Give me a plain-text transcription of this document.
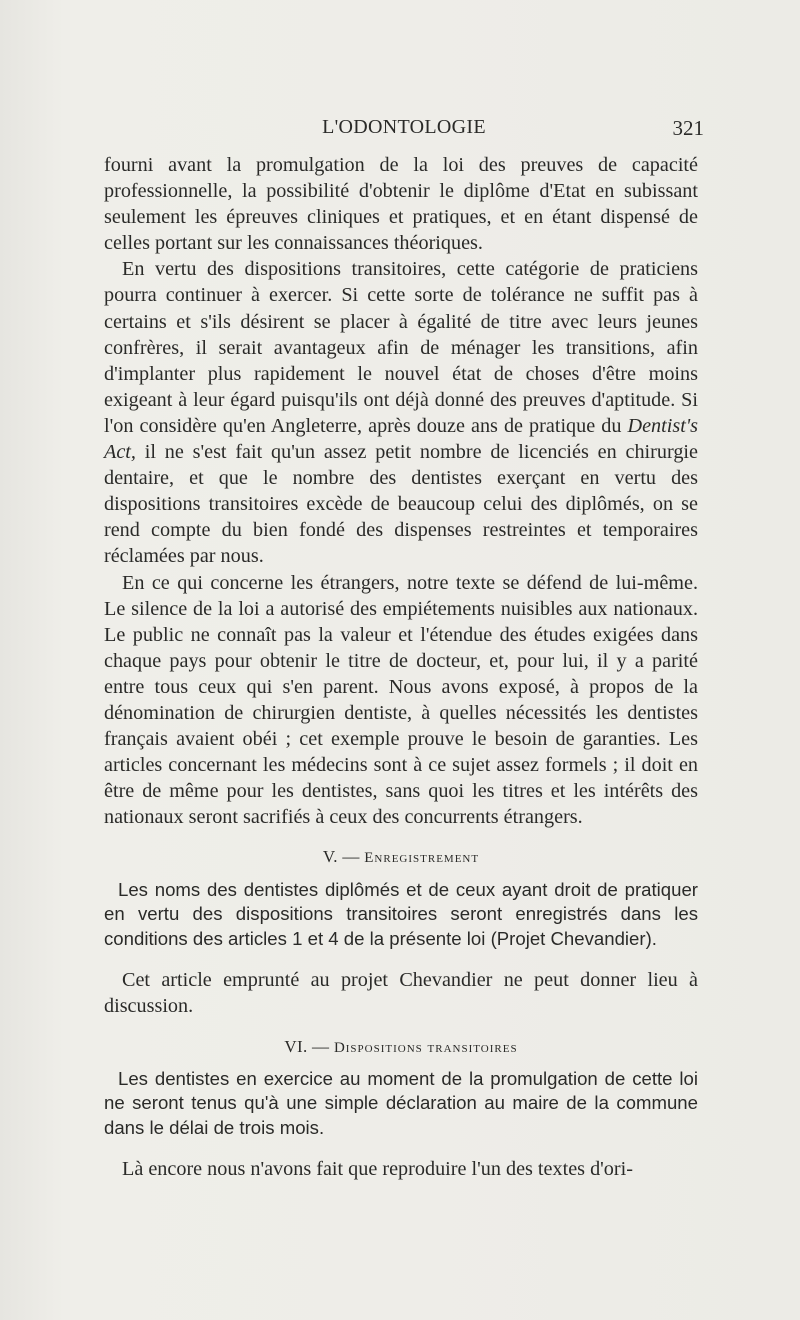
L'ODONTOLOGIE	321

fourni avant la promulgation de la loi des preuves de capacité professionnelle, la possibilité d'obtenir le diplôme d'Etat en subissant seulement les épreuves cliniques et pratiques, et en étant dispensé de celles portant sur les connaissances théoriques.

En vertu des dispositions transitoires, cette catégorie de praticiens pourra continuer à exercer. Si cette sorte de tolérance ne suffit pas à certains et s'ils désirent se placer à égalité de titre avec leurs jeunes confrères, il serait avantageux afin de ménager les transitions, afin d'implanter plus rapidement le nouvel état de choses d'être moins exigeant à leur égard puisqu'ils ont déjà donné des preuves d'aptitude. Si l'on considère qu'en Angleterre, après douze ans de pratique du Dentist's Act, il ne s'est fait qu'un assez petit nombre de licenciés en chirurgie dentaire, et que le nombre des dentistes exerçant en vertu des dispositions transitoires excède de beaucoup celui des diplômés, on se rend compte du bien fondé des dispenses restreintes et temporaires réclamées par nous.

En ce qui concerne les étrangers, notre texte se défend de lui-même. Le silence de la loi a autorisé des empiétements nuisibles aux nationaux. Le public ne connaît pas la valeur et l'étendue des études exigées dans chaque pays pour obtenir le titre de docteur, et, pour lui, il y a parité entre tous ceux qui s'en parent. Nous avons exposé, à propos de la dénomination de chirurgien dentiste, à quelles nécessités les dentistes français avaient obéi ; cet exemple prouve le besoin de garanties. Les articles concernant les médecins sont à ce sujet assez formels ; il doit en être de même pour les dentistes, sans quoi les titres et les intérêts des nationaux seront sacrifiés à ceux des concurrents étrangers.

V. — Enregistrement

Les noms des dentistes diplômés et de ceux ayant droit de pratiquer en vertu des dispositions transitoires seront enregistrés dans les conditions des articles 1 et 4 de la présente loi (Projet Chevandier).

Cet article emprunté au projet Chevandier ne peut donner lieu à discussion.

VI. — Dispositions transitoires

Les dentistes en exercice au moment de la promulgation de cette loi ne seront tenus qu'à une simple déclaration au maire de la commune dans le délai de trois mois.

Là encore nous n'avons fait que reproduire l'un des textes d'ori-
